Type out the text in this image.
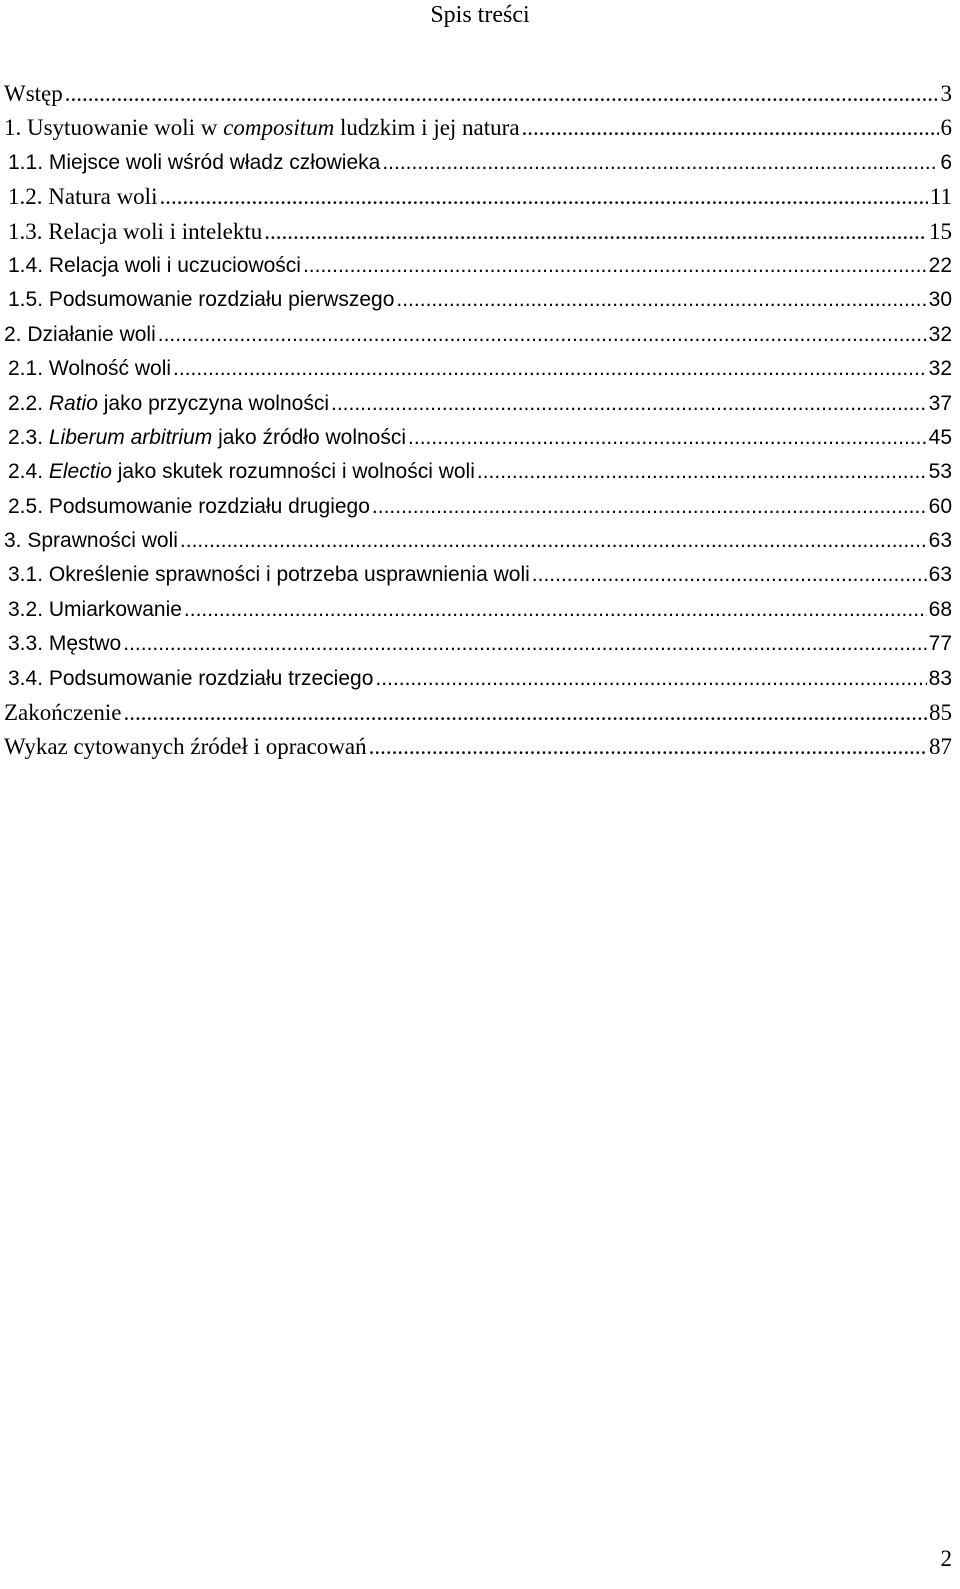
Spis treści
Wstęp .....	3
1. Usytuowanie woli w compositum ludzkim i jej natura .....	6
1.1. Miejsce woli wśród władz człowieka .....	6
1.2. Natura woli .....	11
1.3. Relacja woli i intelektu .....	15
1.4. Relacja woli i uczuciowości .....	22
1.5. Podsumowanie rozdziału pierwszego .....	30
2. Działanie woli .....	32
2.1. Wolność woli .....	32
2.2. Ratio jako przyczyna wolności .....	37
2.3. Liberum arbitrium jako źródło wolności .....	45
2.4. Electio jako skutek rozumności i wolności woli .....	53
2.5. Podsumowanie rozdziału drugiego .....	60
3. Sprawności woli .....	63
3.1. Określenie sprawności i potrzeba usprawnienia woli .....	63
3.2. Umiarkowanie .....	68
3.3. Męstwo .....	77
3.4. Podsumowanie rozdziału trzeciego .....	83
Zakończenie .....	85
Wykaz cytowanych źródeł i opracowań .....	87
2
